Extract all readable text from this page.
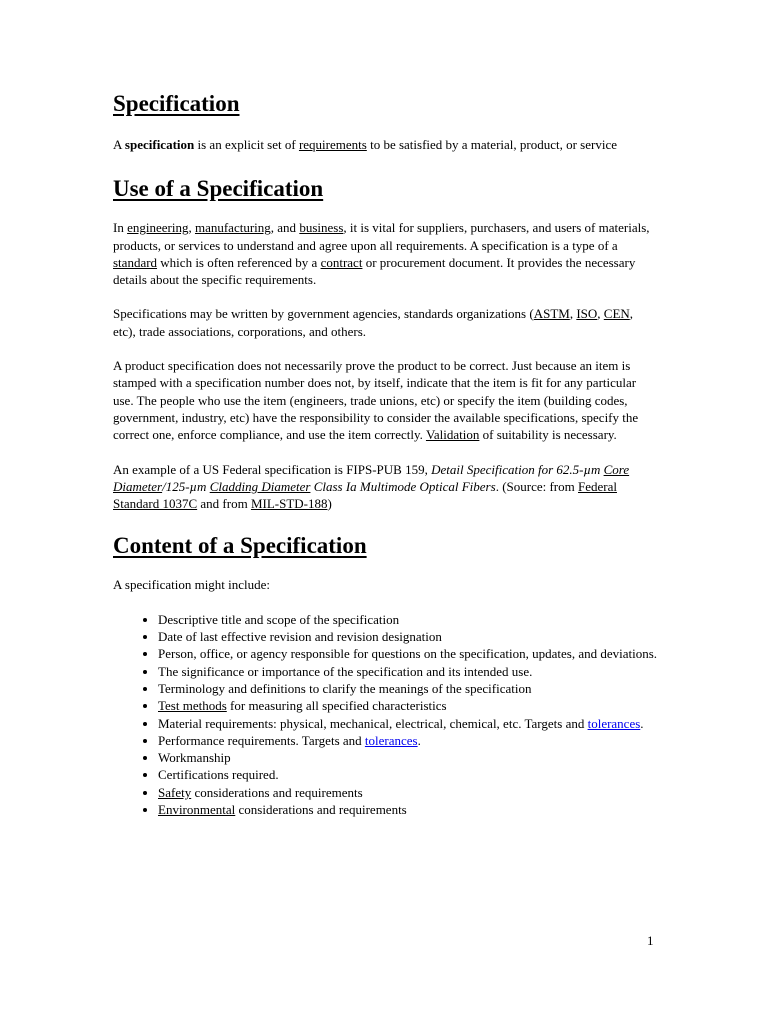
Specification

A specification is an explicit set of requirements to be satisfied by a material, product, or service

Use of a Specification

In engineering, manufacturing, and business, it is vital for suppliers, purchasers, and users of materials, products, or services to understand and agree upon all requirements. A specification is a type of a standard which is often referenced by a contract or procurement document. It provides the necessary details about the specific requirements.

Specifications may be written by government agencies, standards organizations (ASTM, ISO, CEN, etc), trade associations, corporations, and others.

A product specification does not necessarily prove the product to be correct. Just because an item is stamped with a specification number does not, by itself, indicate that the item is fit for any particular use. The people who use the item (engineers, trade unions, etc) or specify the item (building codes, government, industry, etc) have the responsibility to consider the available specifications, specify the correct one, enforce compliance, and use the item correctly. Validation of suitability is necessary.

An example of a US Federal specification is FIPS-PUB 159, Detail Specification for 62.5-µm Core Diameter/125-µm Cladding Diameter Class Ia Multimode Optical Fibers. (Source: from Federal Standard 1037C and from MIL-STD-188)

Content of a Specification

A specification might include:

• Descriptive title and scope of the specification
• Date of last effective revision and revision designation
• Person, office, or agency responsible for questions on the specification, updates, and deviations.
• The significance or importance of the specification and its intended use.
• Terminology and definitions to clarify the meanings of the specification
• Test methods for measuring all specified characteristics
• Material requirements: physical, mechanical, electrical, chemical, etc. Targets and tolerances.
• Performance requirements. Targets and tolerances.
• Workmanship
• Certifications required.
• Safety considerations and requirements
• Environmental considerations and requirements
1
